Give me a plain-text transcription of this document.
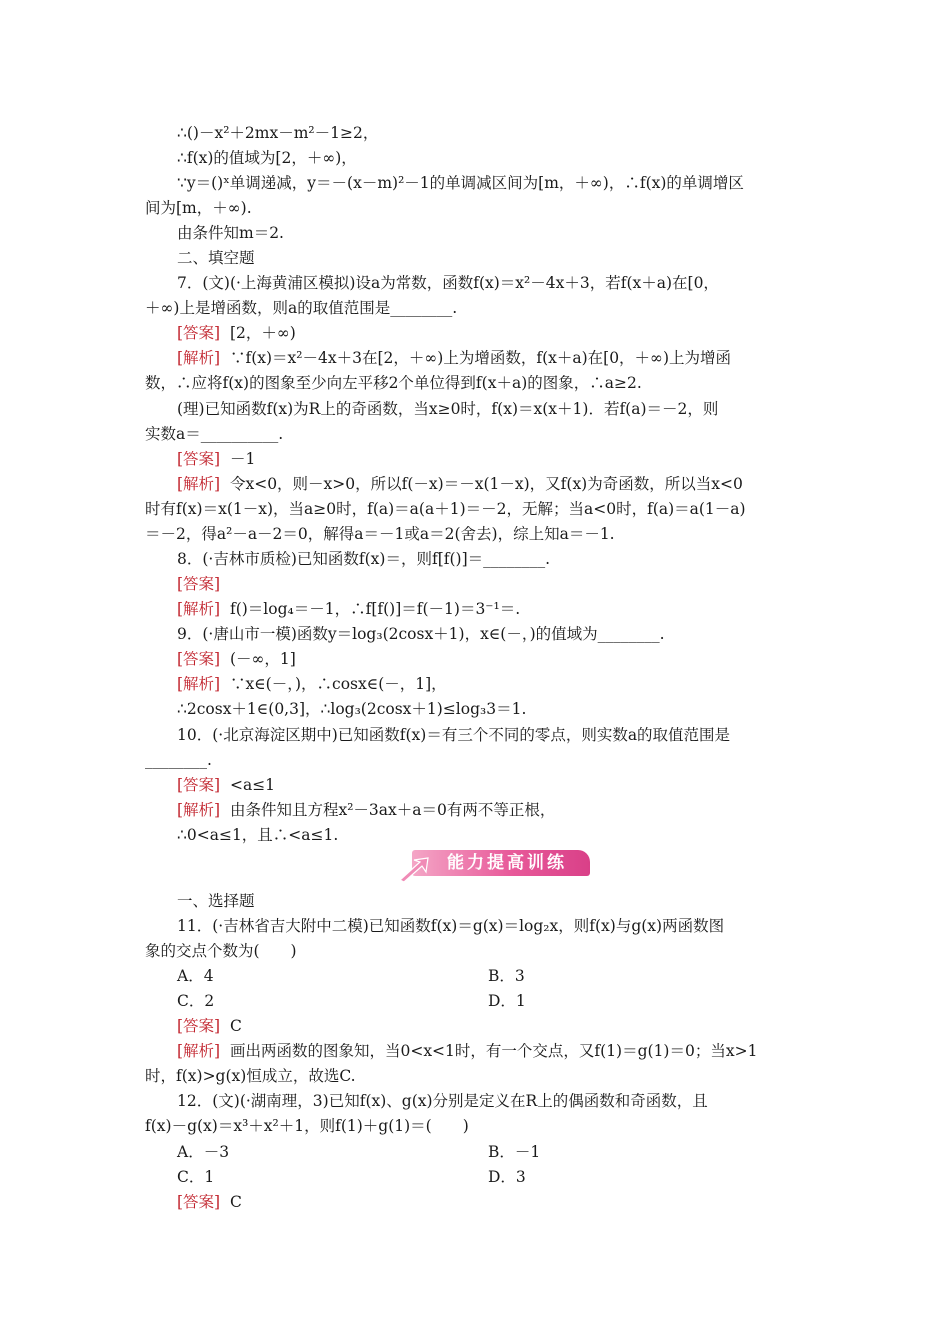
∴()－x²＋2mx－m²－1≥2，
∴f(x)的值域为[2，＋∞)，
∵y＝()ˣ单调递减，y＝－(x－m)²－1的单调减区间为[m，＋∞)，∴f(x)的单调增区
间为[m，＋∞).
由条件知m＝2.
二、填空题
7．(文)(·上海黄浦区模拟)设a为常数，函数f(x)＝x²－4x＋3，若f(x＋a)在[0，
＋∞)上是增函数，则a的取值范围是________.
[答案] [2，＋∞)
[解析] ∵f(x)＝x²－4x＋3在[2，＋∞)上为增函数，f(x＋a)在[0，＋∞)上为增函
数，∴应将f(x)的图象至少向左平移2个单位得到f(x＋a)的图象，∴a≥2.
(理)已知函数f(x)为R上的奇函数，当x≥0时，f(x)＝x(x＋1)．若f(a)＝－2，则
实数a＝__________.
[答案] －1
[解析] 令x<0，则－x>0，所以f(－x)＝－x(1－x)，又f(x)为奇函数，所以当x<0
时有f(x)＝x(1－x)，当a≥0时，f(a)＝a(a＋1)＝－2，无解；当a<0时，f(a)＝a(1－a)
＝－2，得a²－a－2＝0，解得a＝－1或a＝2(舍去)，综上知a＝－1.
8．(·吉林市质检)已知函数f(x)＝，则f[f()]＝________.
[答案]
[解析] f()＝log₄＝－1，∴f[f()]＝f(－1)＝3⁻¹＝.
9．(·唐山市一模)函数y＝log₃(2cosx＋1)，x∈(－，)的值域为________.
[答案] (－∞，1]
[解析] ∵x∈(－，)，∴cosx∈(－，1]，
∴2cosx＋1∈(0,3]，∴log₃(2cosx＋1)≤log₃3＝1.
10．(·北京海淀区期中)已知函数f(x)＝有三个不同的零点，则实数a的取值范围是
________.
[答案] <a≤1
[解析] 由条件知且方程x²－3ax＋a＝0有两不等正根，
∴0<a≤1，且∴<a≤1.
能力提高训练
一、选择题
11．(·吉林省吉大附中二模)已知函数f(x)＝g(x)＝log₂x，则f(x)与g(x)两函数图
象的交点个数为(　　)
A．4	B．3
C．2	D．1
[答案] C
[解析] 画出两函数的图象知，当0<x<1时，有一个交点，又f(1)＝g(1)＝0；当x>1
时，f(x)>g(x)恒成立，故选C.
12．(文)(·湖南理，3)已知f(x)、g(x)分别是定义在R上的偶函数和奇函数，且
f(x)－g(x)＝x³＋x²＋1，则f(1)＋g(1)＝(　　)
A．－3	B．－1
C．1	D．3
[答案] C
